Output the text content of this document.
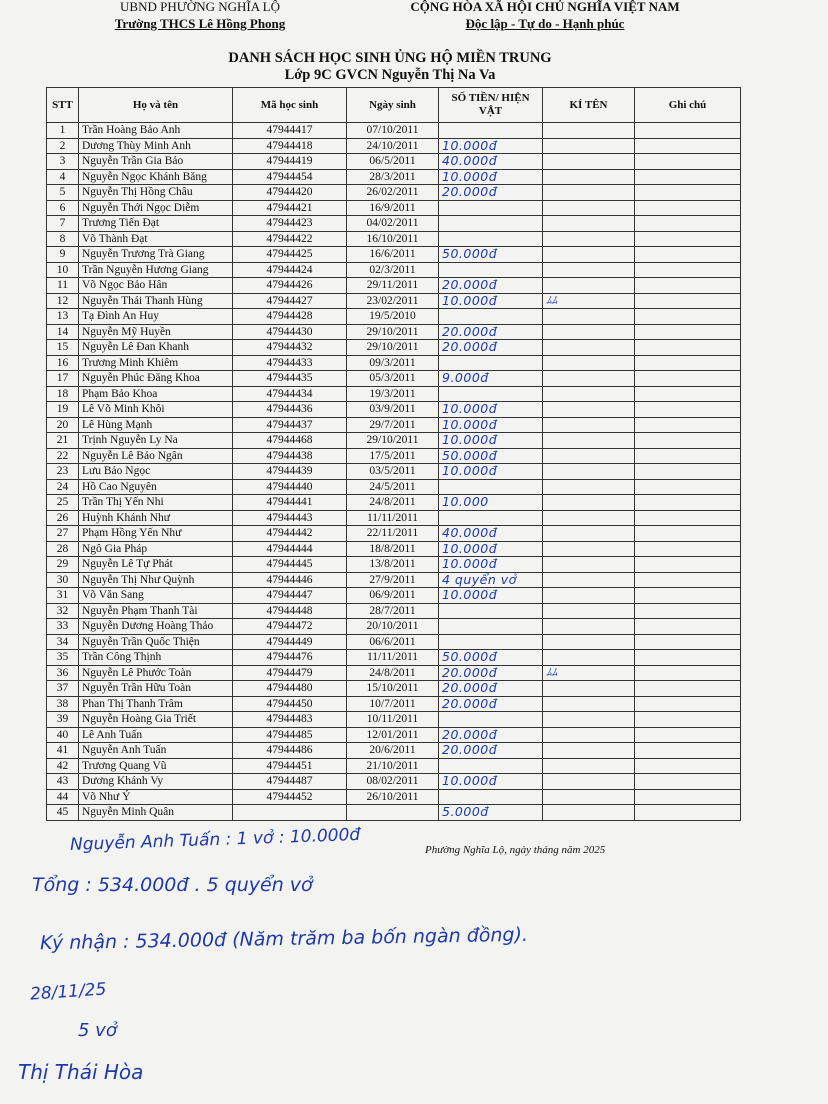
UBND PHƯỜNG NGHĨA LỘ
Trường THCS Lê Hồng Phong
CỘNG HÒA XÃ HỘI CHỦ NGHĨA VIỆT NAM
Độc lập - Tự do - Hạnh phúc
DANH SÁCH HỌC SINH ỦNG HỘ MIỀN TRUNG
Lớp 9C GVCN Nguyễn Thị Na Va
STT	Họ và tên	Mã học sinh	Ngày sinh	SỐ TIỀN/ HIỆN VẬT	KÍ TÊN	Ghi chú
1	Trần Hoàng Bảo Anh	47944417	07/10/2011			
2	Dương Thùy Minh Anh	47944418	24/10/2011	10.000đ		
3	Nguyễn Trần Gia Bảo	47944419	06/5/2011	40.000đ		
4	Nguyễn Ngọc Khánh Băng	47944454	28/3/2011	10.000đ		
5	Nguyễn Thị Hồng Châu	47944420	26/02/2011	20.000đ		
6	Nguyễn Thới Ngọc Diễm	47944421	16/9/2011			
7	Trương Tiến Đạt	47944423	04/02/2011			
8	Võ Thành Đạt	47944422	16/10/2011			
9	Nguyễn Trương Trà Giang	47944425	16/6/2011	50.000đ		
10	Trần Nguyễn Hương Giang	47944424	02/3/2011			
11	Võ Ngọc Bảo Hân	47944426	29/11/2011	20.000đ		
12	Nguyễn Thái Thanh Hùng	47944427	23/02/2011	10.000đ	ﾑﾑ	
13	Tạ Đình An Huy	47944428	19/5/2010			
14	Nguyễn Mỹ Huyền	47944430	29/10/2011	20.000đ		
15	Nguyễn Lê Đan Khanh	47944432	29/10/2011	20.000đ		
16	Trương Minh Khiêm	47944433	09/3/2011			
17	Nguyễn Phúc Đăng Khoa	47944435	05/3/2011	9.000đ		
18	Phạm Bảo Khoa	47944434	19/3/2011			
19	Lê Võ Minh Khôi	47944436	03/9/2011	10.000đ		
20	Lê Hùng Mạnh	47944437	29/7/2011	10.000đ		
21	Trịnh Nguyễn Ly Na	47944468	29/10/2011	10.000đ		
22	Nguyễn Lê Bảo Ngân	47944438	17/5/2011	50.000đ		
23	Lưu Bảo Ngọc	47944439	03/5/2011	10.000đ		
24	Hồ Cao Nguyên	47944440	24/5/2011			
25	Trần Thị Yến Nhi	47944441	24/8/2011	10.000		
26	Huỳnh Khánh Như	47944443	11/11/2011			
27	Phạm Hồng Yến Như	47944442	22/11/2011	40.000đ		
28	Ngô Gia Pháp	47944444	18/8/2011	10.000đ		
29	Nguyễn Lê Tự Phát	47944445	13/8/2011	10.000đ		
30	Nguyễn Thị Như Quỳnh	47944446	27/9/2011	4 quyển vở		
31	Võ Văn Sang	47944447	06/9/2011	10.000đ		
32	Nguyễn Phạm Thanh Tài	47944448	28/7/2011			
33	Nguyễn Dương Hoàng Thảo	47944472	20/10/2011			
34	Nguyễn Trần Quốc Thiện	47944449	06/6/2011			
35	Trần Công Thịnh	47944476	11/11/2011	50.000đ		
36	Nguyễn Lê Phước Toàn	47944479	24/8/2011	20.000đ	ﾑﾑ	
37	Nguyễn Trần Hữu Toàn	47944480	15/10/2011	20.000đ		
38	Phan Thị Thanh Trâm	47944450	10/7/2011	20.000đ		
39	Nguyễn Hoàng Gia Triết	47944483	10/11/2011			
40	Lê Anh Tuấn	47944485	12/01/2011	20.000đ		
41	Nguyễn Anh Tuấn	47944486	20/6/2011	20.000đ		
42	Trương Quang Vũ	47944451	21/10/2011			
43	Dương Khánh Vy	47944487	08/02/2011	10.000đ		
44	Võ Như Ý	47944452	26/10/2011			
45	Nguyễn Minh Quân			5.000đ		
Phường Nghĩa Lộ, ngày tháng năm 2025
Nguyễn Anh Tuấn : 1 vở : 10.000đ
Tổng : 534.000đ . 5 quyển vở
Ký nhận : 534.000đ (Năm trăm ba bốn ngàn đồng).
28/11/25
5 vở
Thị Thái Hòa
